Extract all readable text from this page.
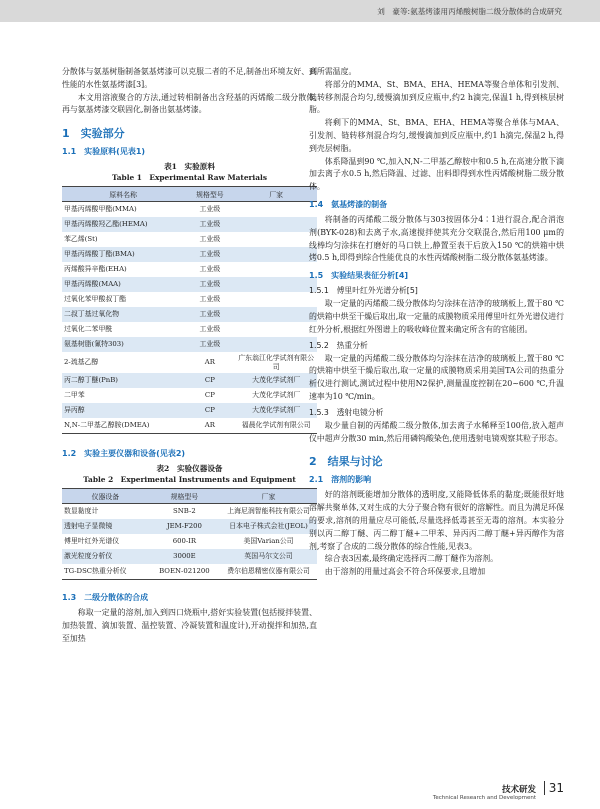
刘　豪等:氨基烤漆用丙烯酸树脂二级分散体的合成研究

分散体与氨基树脂制备氨基烤漆可以克服二者的不足,制备出环境友好、高性能的水性氨基烤漆[3]。

本文用溶液聚合的方法,通过转相制备出含羟基的丙烯酸二级分散体,再与氨基烤漆交联固化,制备出氨基烤漆。

1　实验部分
1.1　实验原料(见表1)
表1　实验原料
Table 1　Experimental Raw Materials
原料名称	规格型号	厂家
甲基丙烯酸甲酯(MMA)	工业级	
甲基丙烯酸羟乙酯(HEMA)	工业级	
苯乙烯(St)	工业级	
甲基丙烯酸丁酯(BMA)	工业级	
丙烯酸异辛酯(EHA)	工业级	
甲基丙烯酸(MAA)	工业级	
过氧化苯甲酸叔丁酯	工业级	
二叔丁基过氧化物	工业级	
过氧化二苯甲酰	工业级	
氨基树脂(氰特303)	工业级	
2-巯基乙醇	AR	广东翁江化学试剂有限公司
丙二醇丁醚(PnB)	CP	大茂化学试剂厂
二甲苯	CP	大茂化学试剂厂
异丙醇	CP	大茂化学试剂厂
N,N-二甲基乙醇胺(DMEA)	AR	福晨化学试剂有限公司
1.2　实验主要仪器和设备(见表2)
表2　实验仪器设备
Table 2　Experimental Instruments and Equipment
仪器设备	规格型号	厂家
数显黏度计	SNB-2	上海尼润智能科技有限公司
透射电子显微镜	JEM-F200	日本电子株式会社(JEOL)
傅里叶红外光谱仪	600-IR	美国Varian公司
激光粒度分析仪	3000E	英国马尔文公司
TG-DSC热重分析仪	BOEN-021200	费尔伯恩精密仪器有限公司
1.3　二级分散体的合成

称取一定量的溶剂,加入到四口烧瓶中,搭好实验装置(包括搅拌装置、加热装置、滴加装置、温控装置、冷凝装置和温度计),开动搅拌和加热,直至加热

到所需温度。

将部分的MMA、St、BMA、EHA、HEMA等聚合单体和引发剂、链转移剂混合均匀,缓慢滴加到反应瓶中,约2 h滴完,保温1 h,得到核层树脂。

将剩下的MMA、St、BMA、EHA、HEMA等聚合单体与MAA、引发剂、链转移剂混合均匀,缓慢滴加到反应瓶中,约1 h滴完,保温2 h,得到壳层树脂。

体系降温到90 ℃,加入N,N-二甲基乙醇胺中和0.5 h,在高速分散下滴加去离子水0.5 h,然后降温、过滤、出料即得到水性丙烯酸树脂二级分散体。

1.4　氨基烤漆的制备

将制备的丙烯酸二级分散体与303按固体分4∶1进行混合,配合消泡剂(BYK-028)和去离子水,高速搅拌使其充分交联混合,然后用100 μm的线棒均匀涂抹在打磨好的马口铁上,静置至表干后放入150 ℃的烘箱中烘烤0.5 h,即得到综合性能优良的水性丙烯酸树脂二级分散体氨基烤漆。

1.5　实验结果表征分析[4]
1.5.1　傅里叶红外光谱分析[5]

取一定量的丙烯酸二级分散体均匀涂抹在洁净的玻璃板上,置于80 ℃的烘箱中烘至干燥后取出,取一定量的成膜物质采用傅里叶红外光谱仪进行红外分析,根据红外图谱上的吸收峰位置来确定所含有的官能团。

1.5.2　热重分析

取一定量的丙烯酸二级分散体均匀涂抹在洁净的玻璃板上,置于80 ℃的烘箱中烘至干燥后取出,取一定量的成膜物质采用美国TA公司的热重分析仪进行测试,测试过程中使用N2保护,测量温度控制在20~600 ℃,升温速率为10 ℃/min。

1.5.3　透射电镜分析

取少量自制的丙烯酸二级分散体,加去离子水稀释至100倍,放入超声仪中超声分散30 min,然后用磷钨酸染色,使用透射电镜观察其粒子形态。

2　结果与讨论
2.1　溶剂的影响

好的溶剂既能增加分散体的透明度,又能降低体系的黏度;既能很好地溶解共聚单体,又对生成的大分子聚合物有很好的溶解性。而且为满足环保的要求,溶剂的用量应尽可能低,尽量选择低毒甚至无毒的溶剂。本实验分别以丙二醇丁醚、丙二醇丁醚+二甲苯、异丙丙二醇丁醚+异丙醇作为溶剂,考察了合成的二级分散体的综合性能,见表3。

综合表3因素,最终确定选择丙二醇丁醚作为溶剂。

由于溶剂的用量过高会不符合环保要求,且增加

技术研发
Technical Research and Development
31
